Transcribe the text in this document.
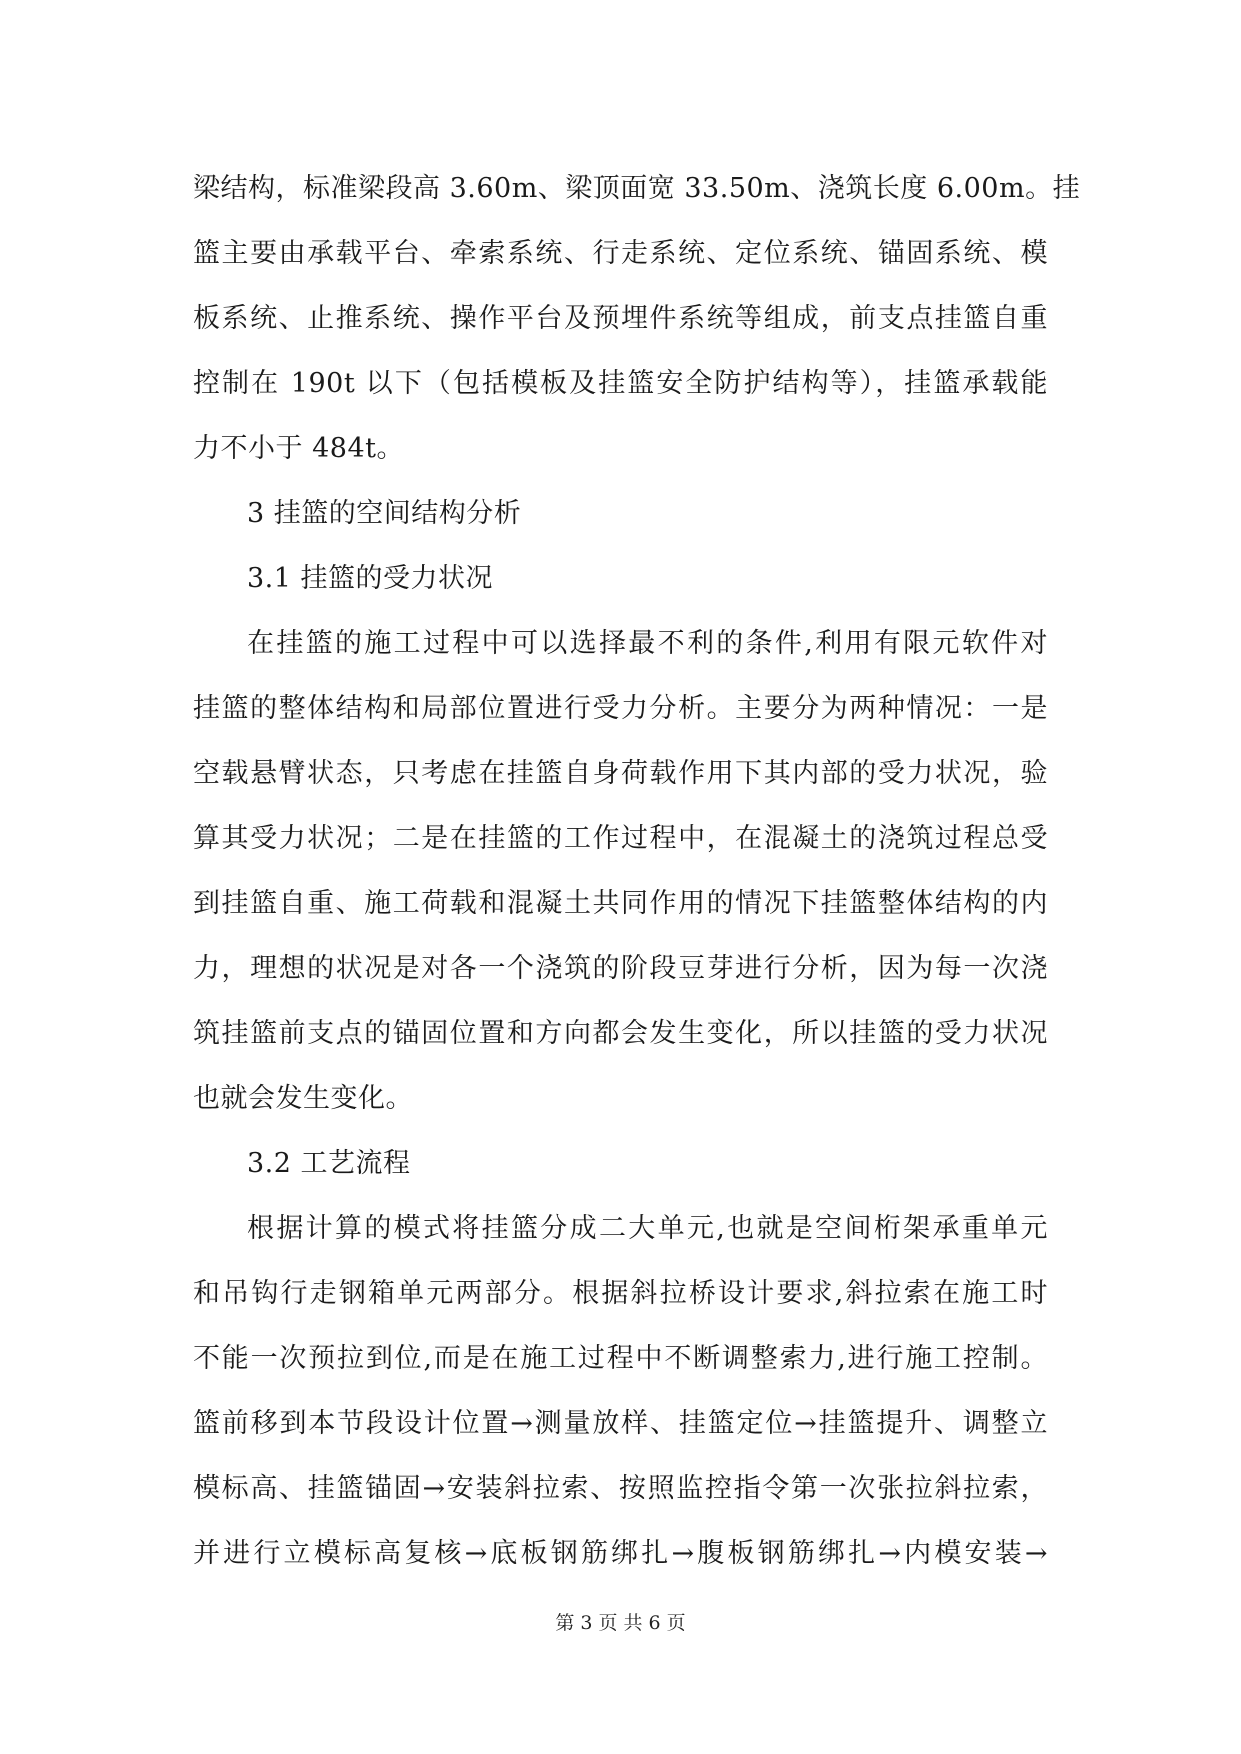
梁结构，标准梁段高 3.60m、梁顶面宽 33.50m、浇筑长度 6.00m。挂
篮主要由承载平台、牵索系统、行走系统、定位系统、锚固系统、模
板系统、止推系统、操作平台及预埋件系统等组成，前支点挂篮自重
控制在 190t 以下（包括模板及挂篮安全防护结构等），挂篮承载能
力不小于 484t。
3 挂篮的空间结构分析
3.1 挂篮的受力状况
在挂篮的施工过程中可以选择最不利的条件,利用有限元软件对
挂篮的整体结构和局部位置进行受力分析。主要分为两种情况：一是
空载悬臂状态，只考虑在挂篮自身荷载作用下其内部的受力状况，验
算其受力状况；二是在挂篮的工作过程中，在混凝土的浇筑过程总受
到挂篮自重、施工荷载和混凝土共同作用的情况下挂篮整体结构的内
力，理想的状况是对各一个浇筑的阶段豆芽进行分析，因为每一次浇
筑挂篮前支点的锚固位置和方向都会发生变化，所以挂篮的受力状况
也就会发生变化。
3.2 工艺流程
根据计算的模式将挂篮分成二大单元,也就是空间桁架承重单元
和吊钩行走钢箱单元两部分。根据斜拉桥设计要求,斜拉索在施工时
不能一次预拉到位,而是在施工过程中不断调整索力,进行施工控制。
篮前移到本节段设计位置→测量放样、挂篮定位→挂篮提升、调整立
模标高、挂篮锚固→安装斜拉索、按照监控指令第一次张拉斜拉索，
并进行立模标高复核→底板钢筋绑扎→腹板钢筋绑扎→内模安装→
第 3 页 共 6 页
